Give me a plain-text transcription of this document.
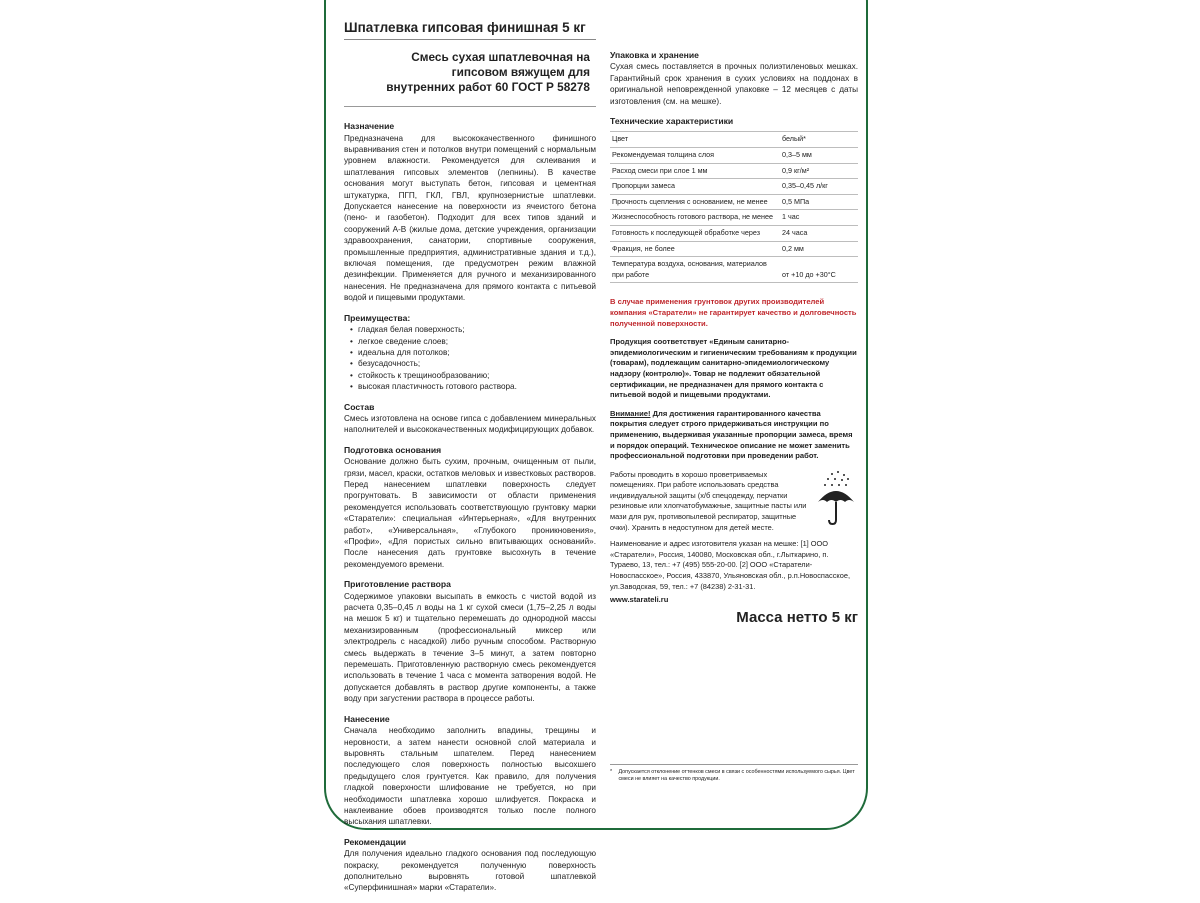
Шпатлевка гипсовая финишная 5 кг

Смесь сухая шпатлевочная на гипсовом вяжущем для внутренних работ 60 ГОСТ Р 58278

Назначение

Предназначена для высококачественного финишного выравнивания стен и потолков внутри помещений с нормальным уровнем влажности. Рекомендуется для склеивания и шпатлевания гипсовых элементов (лепнины). В качестве основания могут выступать бетон, гипсовая и цементная штукатурка, ПГП, ГКЛ, ГВЛ, крупнозернистые шпатлевки. Допускается нанесение на поверхности из ячеистого бетона (пено- и газобетон). Подходит для всех типов зданий и сооружений А-В (жилые дома, детские учреждения, организации здравоохранения, санатории, спортивные сооружения, промышленные предприятия, административные здания и т.д.), включая помещения, где предусмотрен режим влажной дезинфекции. Применяется для ручного и механизированного нанесения. Не предназначена для прямого контакта с питьевой водой и пищевыми продуктами.

Преимущества:

• гладкая белая поверхность;
• легкое сведение слоев;
• идеальна для потолков;
• безусадочность;
• стойкость к трещинообразованию;
• высокая пластичность готового раствора.

Состав

Смесь изготовлена на основе гипса с добавлением минеральных наполнителей и высококачественных модифицирующих добавок.

Подготовка основания

Основание должно быть сухим, прочным, очищенным от пыли, грязи, масел, краски, остатков меловых и известковых растворов. Перед нанесением шпатлевки поверхность следует прогрунтовать. В зависимости от области применения рекомендуется использовать соответствующую грунтовку марки «Старатели»: специальная «Интерьерная», «Для внутренних работ», «Универсальная», «Глубокого проникновения», «Профи», «Для пористых сильно впитывающих оснований». После нанесения дать грунтовке высохнуть в течение рекомендуемого времени.

Приготовление раствора

Содержимое упаковки высыпать в емкость с чистой водой из расчета 0,35–0,45 л воды на 1 кг сухой смеси (1,75–2,25 л воды на мешок 5 кг) и тщательно перемешать до однородной массы механизированным (профессиональный миксер или электродрель с насадкой) либо ручным способом. Растворную смесь выдержать в течение 3–5 минут, а затем повторно перемешать. Приготовленную растворную смесь рекомендуется использовать в течение 1 часа с момента затворения водой. Не допускается добавлять в раствор другие компоненты, а также воду при загустении раствора в процессе работы.

Нанесение

Сначала необходимо заполнить впадины, трещины и неровности, а затем нанести основной слой материала и выровнять стальным шпателем. Перед нанесением последующего слоя поверхность полностью высохшего предыдущего слоя грунтуется. Как правило, для получения гладкой поверхности шлифование не требуется, но при необходимости шпатлевка хорошо шлифуется. Покраска и наклеивание обоев производятся только после полного высыхания шпатлевки.

Рекомендации

Для получения идеально гладкого основания под последующую покраску, рекомендуется полученную поверхность дополнительно выровнять готовой шпатлевкой «Суперфинишная» марки «Старатели».

Упаковка и хранение

Сухая смесь поставляется в прочных полиэтиленовых мешках. Гарантийный срок хранения в сухих условиях на поддонах в оригинальной неповрежденной упаковке – 12 месяцев с даты изготовления (см. на мешке).

Технические характеристики

Цвет	белый*
Рекомендуемая толщина слоя	0,3–5 мм
Расход смеси при слое 1 мм	0,9 кг/м²
Пропорции замеса	0,35–0,45 л/кг
Прочность сцепления с основанием, не менее	0,5 МПа
Жизнеспособность готового раствора, не менее	1 час
Готовность к последующей обработке через	24 часа
Фракция, не более	0,2 мм
Температура воздуха, основания, материалов при работе	от +10 до +30°С

В случае применения грунтовок других производителей компания «Старатели» не гарантирует качество и долговечность полученной поверхности.

Продукция соответствует «Единым санитарно-эпидемиологическим и гигиеническим требованиям к продукции (товарам), подлежащим санитарно-эпидемиологическому надзору (контролю)». Товар не подлежит обязательной сертификации, не предназначен для прямого контакта с питьевой водой и пищевыми продуктами.

Внимание! Для достижения гарантированного качества покрытия следует строго придерживаться инструкции по применению, выдерживая указанные пропорции замеса, время и порядок операций. Техническое описание не может заменить профессиональной подготовки при проведении работ.

Работы проводить в хорошо проветриваемых помещениях. При работе использовать средства индивидуальной защиты (х/б спецодежду, перчатки резиновые или хлопчатобумажные, защитные пасты или мази для рук, противопылевой респиратор, защитные очки). Хранить в недоступном для детей месте.

Наименование и адрес изготовителя указан на мешке: [1] ООО «Старатели», Россия, 140080, Московская обл., г.Лыткарино, п. Тураево, 13, тел.: +7 (495) 555-20-00. [2] ООО «Старатели-Новоспасское», Россия, 433870, Ульяновская обл., р.п.Новоспасское, ул.Заводская, 59, тел.: +7 (84238) 2-31-31.

www.starateli.ru

Масса нетто 5 кг

*	Допускается отклонение оттенков смеси в связи с особенностями используемого сырья. Цвет смеси не влияет на качество продукции.
